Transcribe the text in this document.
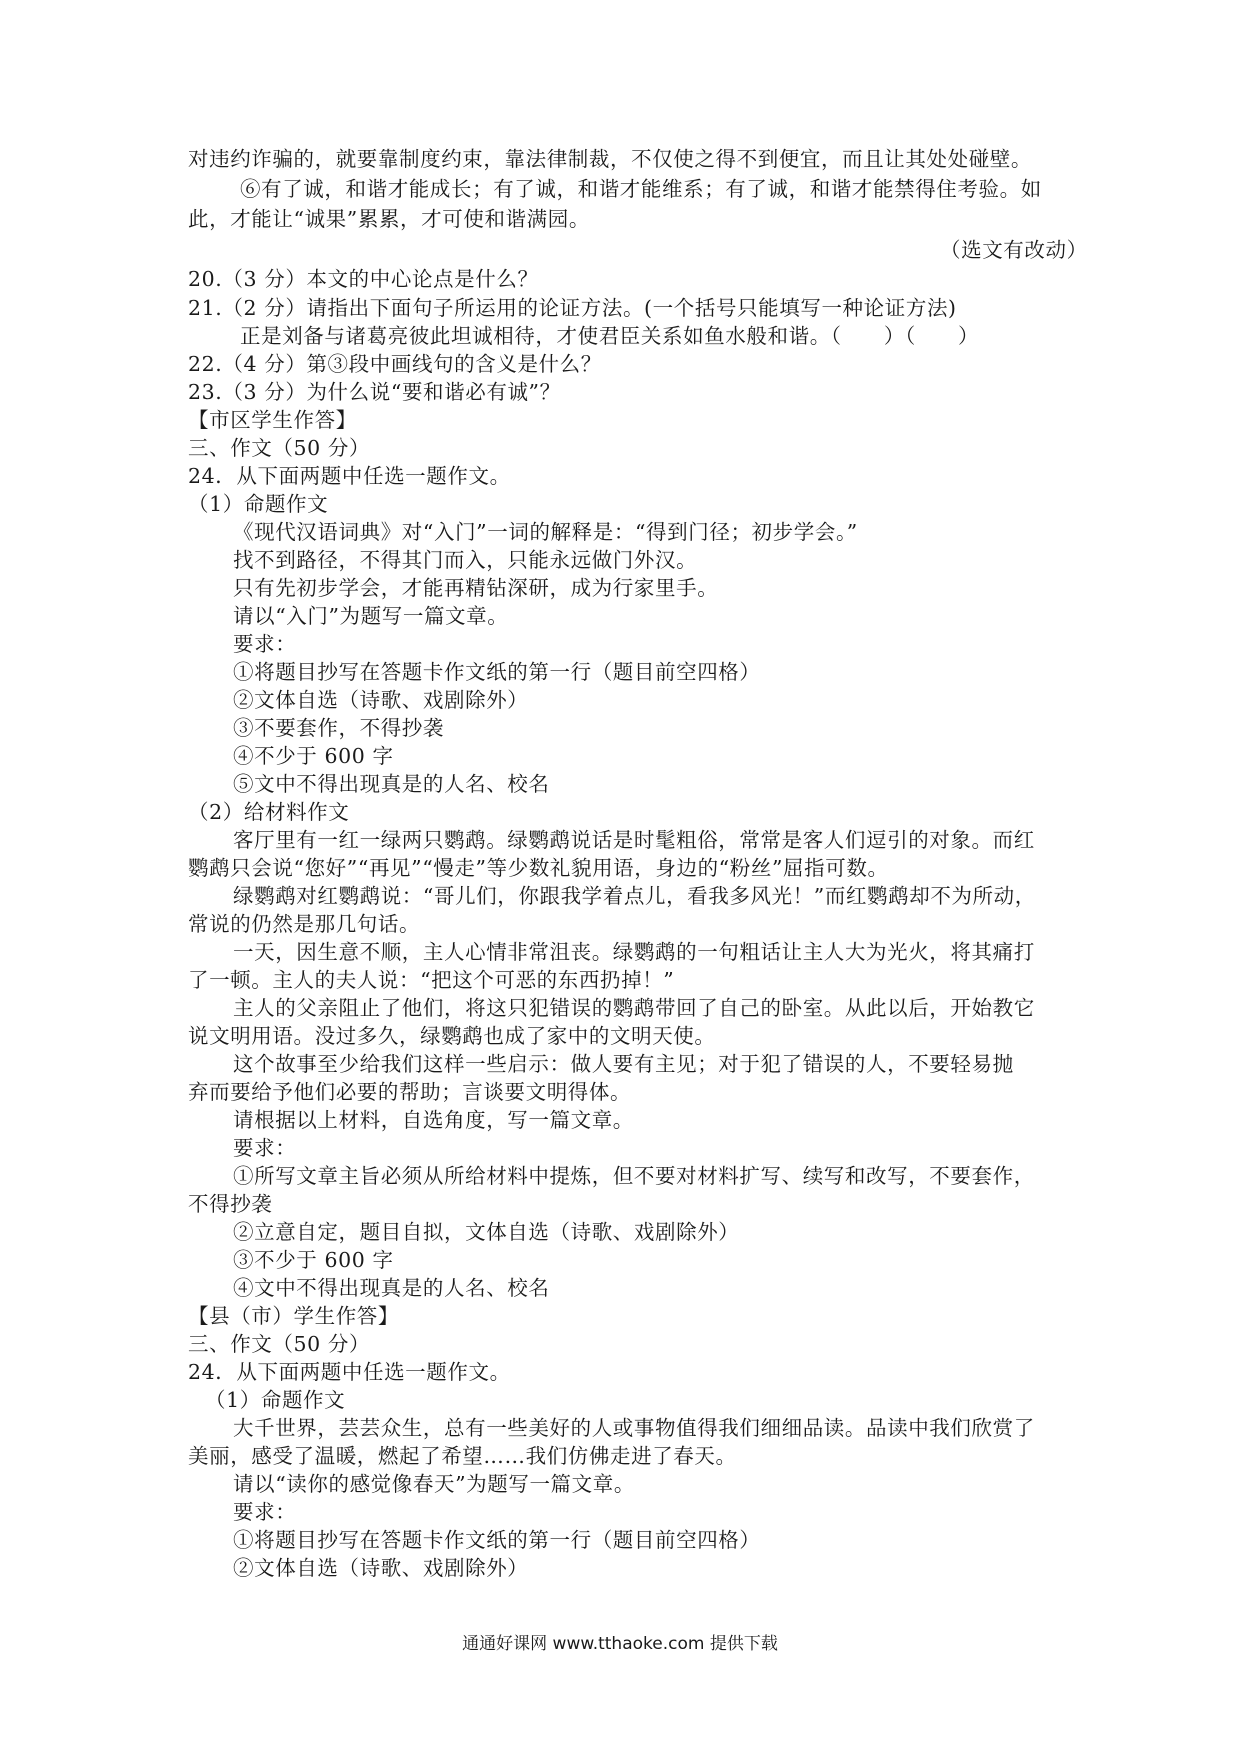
对违约诈骗的，就要靠制度约束，靠法律制裁，不仅使之得不到便宜，而且让其处处碰壁。
⑥有了诚，和谐才能成长；有了诚，和谐才能维系；有了诚，和谐才能禁得住考验。如
此，才能让“诚果”累累，才可使和谐满园。
（选文有改动）
20.（3 分）本文的中心论点是什么？
21.（2 分）请指出下面句子所运用的论证方法。(一个括号只能填写一种论证方法)
正是刘备与诸葛亮彼此坦诚相待，才使君臣关系如鱼水般和谐。（　　）（　　）
22.（4 分）第③段中画线句的含义是什么？
23.（3 分）为什么说“要和谐必有诚”？
【市区学生作答】
三、作文（50 分）
24．从下面两题中任选一题作文。
（1）命题作文
《现代汉语词典》对“入门”一词的解释是：“得到门径；初步学会。”
找不到路径，不得其门而入，只能永远做门外汉。
只有先初步学会，才能再精钻深研，成为行家里手。
请以“入门”为题写一篇文章。
要求：
①将题目抄写在答题卡作文纸的第一行（题目前空四格）
②文体自选（诗歌、戏剧除外）
③不要套作，不得抄袭
④不少于 600 字
⑤文中不得出现真是的人名、校名
（2）给材料作文
客厅里有一红一绿两只鹦鹉。绿鹦鹉说话是时髦粗俗，常常是客人们逗引的对象。而红
鹦鹉只会说“您好”“再见”“慢走”等少数礼貌用语，身边的“粉丝”屈指可数。
绿鹦鹉对红鹦鹉说：“哥儿们，你跟我学着点儿，看我多风光！”而红鹦鹉却不为所动，
常说的仍然是那几句话。
一天，因生意不顺，主人心情非常沮丧。绿鹦鹉的一句粗话让主人大为光火，将其痛打
了一顿。主人的夫人说：“把这个可恶的东西扔掉！”
主人的父亲阻止了他们，将这只犯错误的鹦鹉带回了自己的卧室。从此以后，开始教它
说文明用语。没过多久，绿鹦鹉也成了家中的文明天使。
这个故事至少给我们这样一些启示：做人要有主见；对于犯了错误的人，不要轻易抛
弃而要给予他们必要的帮助；言谈要文明得体。
请根据以上材料，自选角度，写一篇文章。
要求：
①所写文章主旨必须从所给材料中提炼，但不要对材料扩写、续写和改写，不要套作，
不得抄袭
②立意自定，题目自拟，文体自选（诗歌、戏剧除外）
③不少于 600 字
④文中不得出现真是的人名、校名
【县（市）学生作答】
三、作文（50 分）
24．从下面两题中任选一题作文。
（1）命题作文
大千世界，芸芸众生，总有一些美好的人或事物值得我们细细品读。品读中我们欣赏了
美丽，感受了温暖，燃起了希望……我们仿佛走进了春天。
请以“读你的感觉像春天”为题写一篇文章。
要求：
①将题目抄写在答题卡作文纸的第一行（题目前空四格）
②文体自选（诗歌、戏剧除外）
通通好课网 www.tthaoke.com 提供下载
